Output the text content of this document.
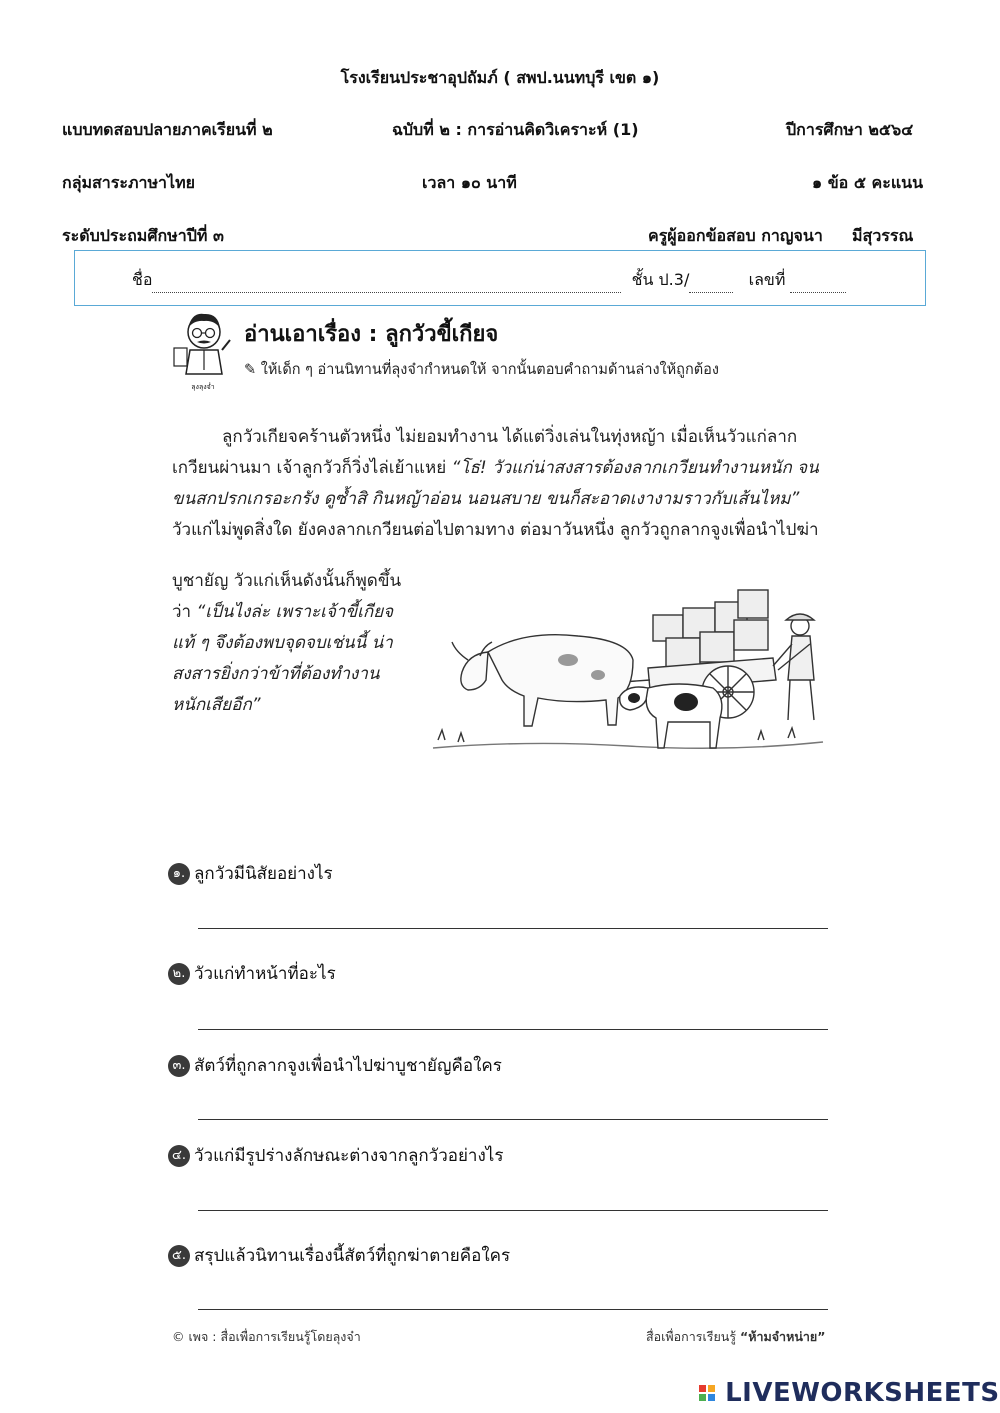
โรงเรียนประชาอุปถัมภ์ ( สพป.นนทบุรี เขต ๑)
แบบทดสอบปลายภาคเรียนที่ ๒	ฉบับที่ ๒ : การอ่านคิดวิเคราะห์ (1)	ปีการศึกษา ๒๕๖๔
กลุ่มสาระภาษาไทย	เวลา ๑๐ นาที	๑ ข้อ ๕ คะแนน
ระดับประถมศึกษาปีที่ ๓	ครูผู้ออกข้อสอบ กาญจนา มีสุวรรณ
ชื่อ	ชั้น ป.3/	เลขที่
ลุงลุงจ่ำ
อ่านเอาเรื่อง : ลูกวัวขี้เกียจ
✎ ให้เด็ก ๆ อ่านนิทานที่ลุงจ๋ากำหนดให้ จากนั้นตอบคำถามด้านล่างให้ถูกต้อง

ลูกวัวเกียจคร้านตัวหนึ่ง ไม่ยอมทำงาน ได้แต่วิ่งเล่นในทุ่งหญ้า เมื่อเห็นวัวแก่ลาก

เกวียนผ่านมา เจ้าลูกวัวก็วิ่งไล่เย้าแหย่ “โธ่! วัวแก่น่าสงสารต้องลากเกวียนทำงานหนัก จน

ขนสกปรกเกรอะกรัง ดูซ้ำสิ กินหญ้าอ่อน นอนสบาย ขนก็สะอาดเงางามราวกับเส้นไหม”

วัวแก่ไม่พูดสิ่งใด ยังคงลากเกวียนต่อไปตามทาง ต่อมาวันหนึ่ง ลูกวัวถูกลากจูงเพื่อนำไปฆ่า

บูชายัญ วัวแก่เห็นดังนั้นก็พูดขึ้น

ว่า “เป็นไงล่ะ เพราะเจ้าขี้เกียจ

แท้ ๆ จึงต้องพบจุดจบเช่นนี้ น่า

สงสารยิ่งกว่าข้าที่ต้องทำงาน

หนักเสียอีก”

๑. ลูกวัวมีนิสัยอย่างไร
๒. วัวแก่ทำหน้าที่อะไร
๓. สัตว์ที่ถูกลากจูงเพื่อนำไปฆ่าบูชายัญคือใคร
๔. วัวแก่มีรูปร่างลักษณะต่างจากลูกวัวอย่างไร
๕. สรุปแล้วนิทานเรื่องนี้สัตว์ที่ถูกฆ่าตายคือใคร
© เพจ : สื่อเพื่อการเรียนรู้โดยลุงจ๋า	สื่อเพื่อการเรียนรู้ “ห้ามจำหน่าย”

LIVEWORKSHEETS
